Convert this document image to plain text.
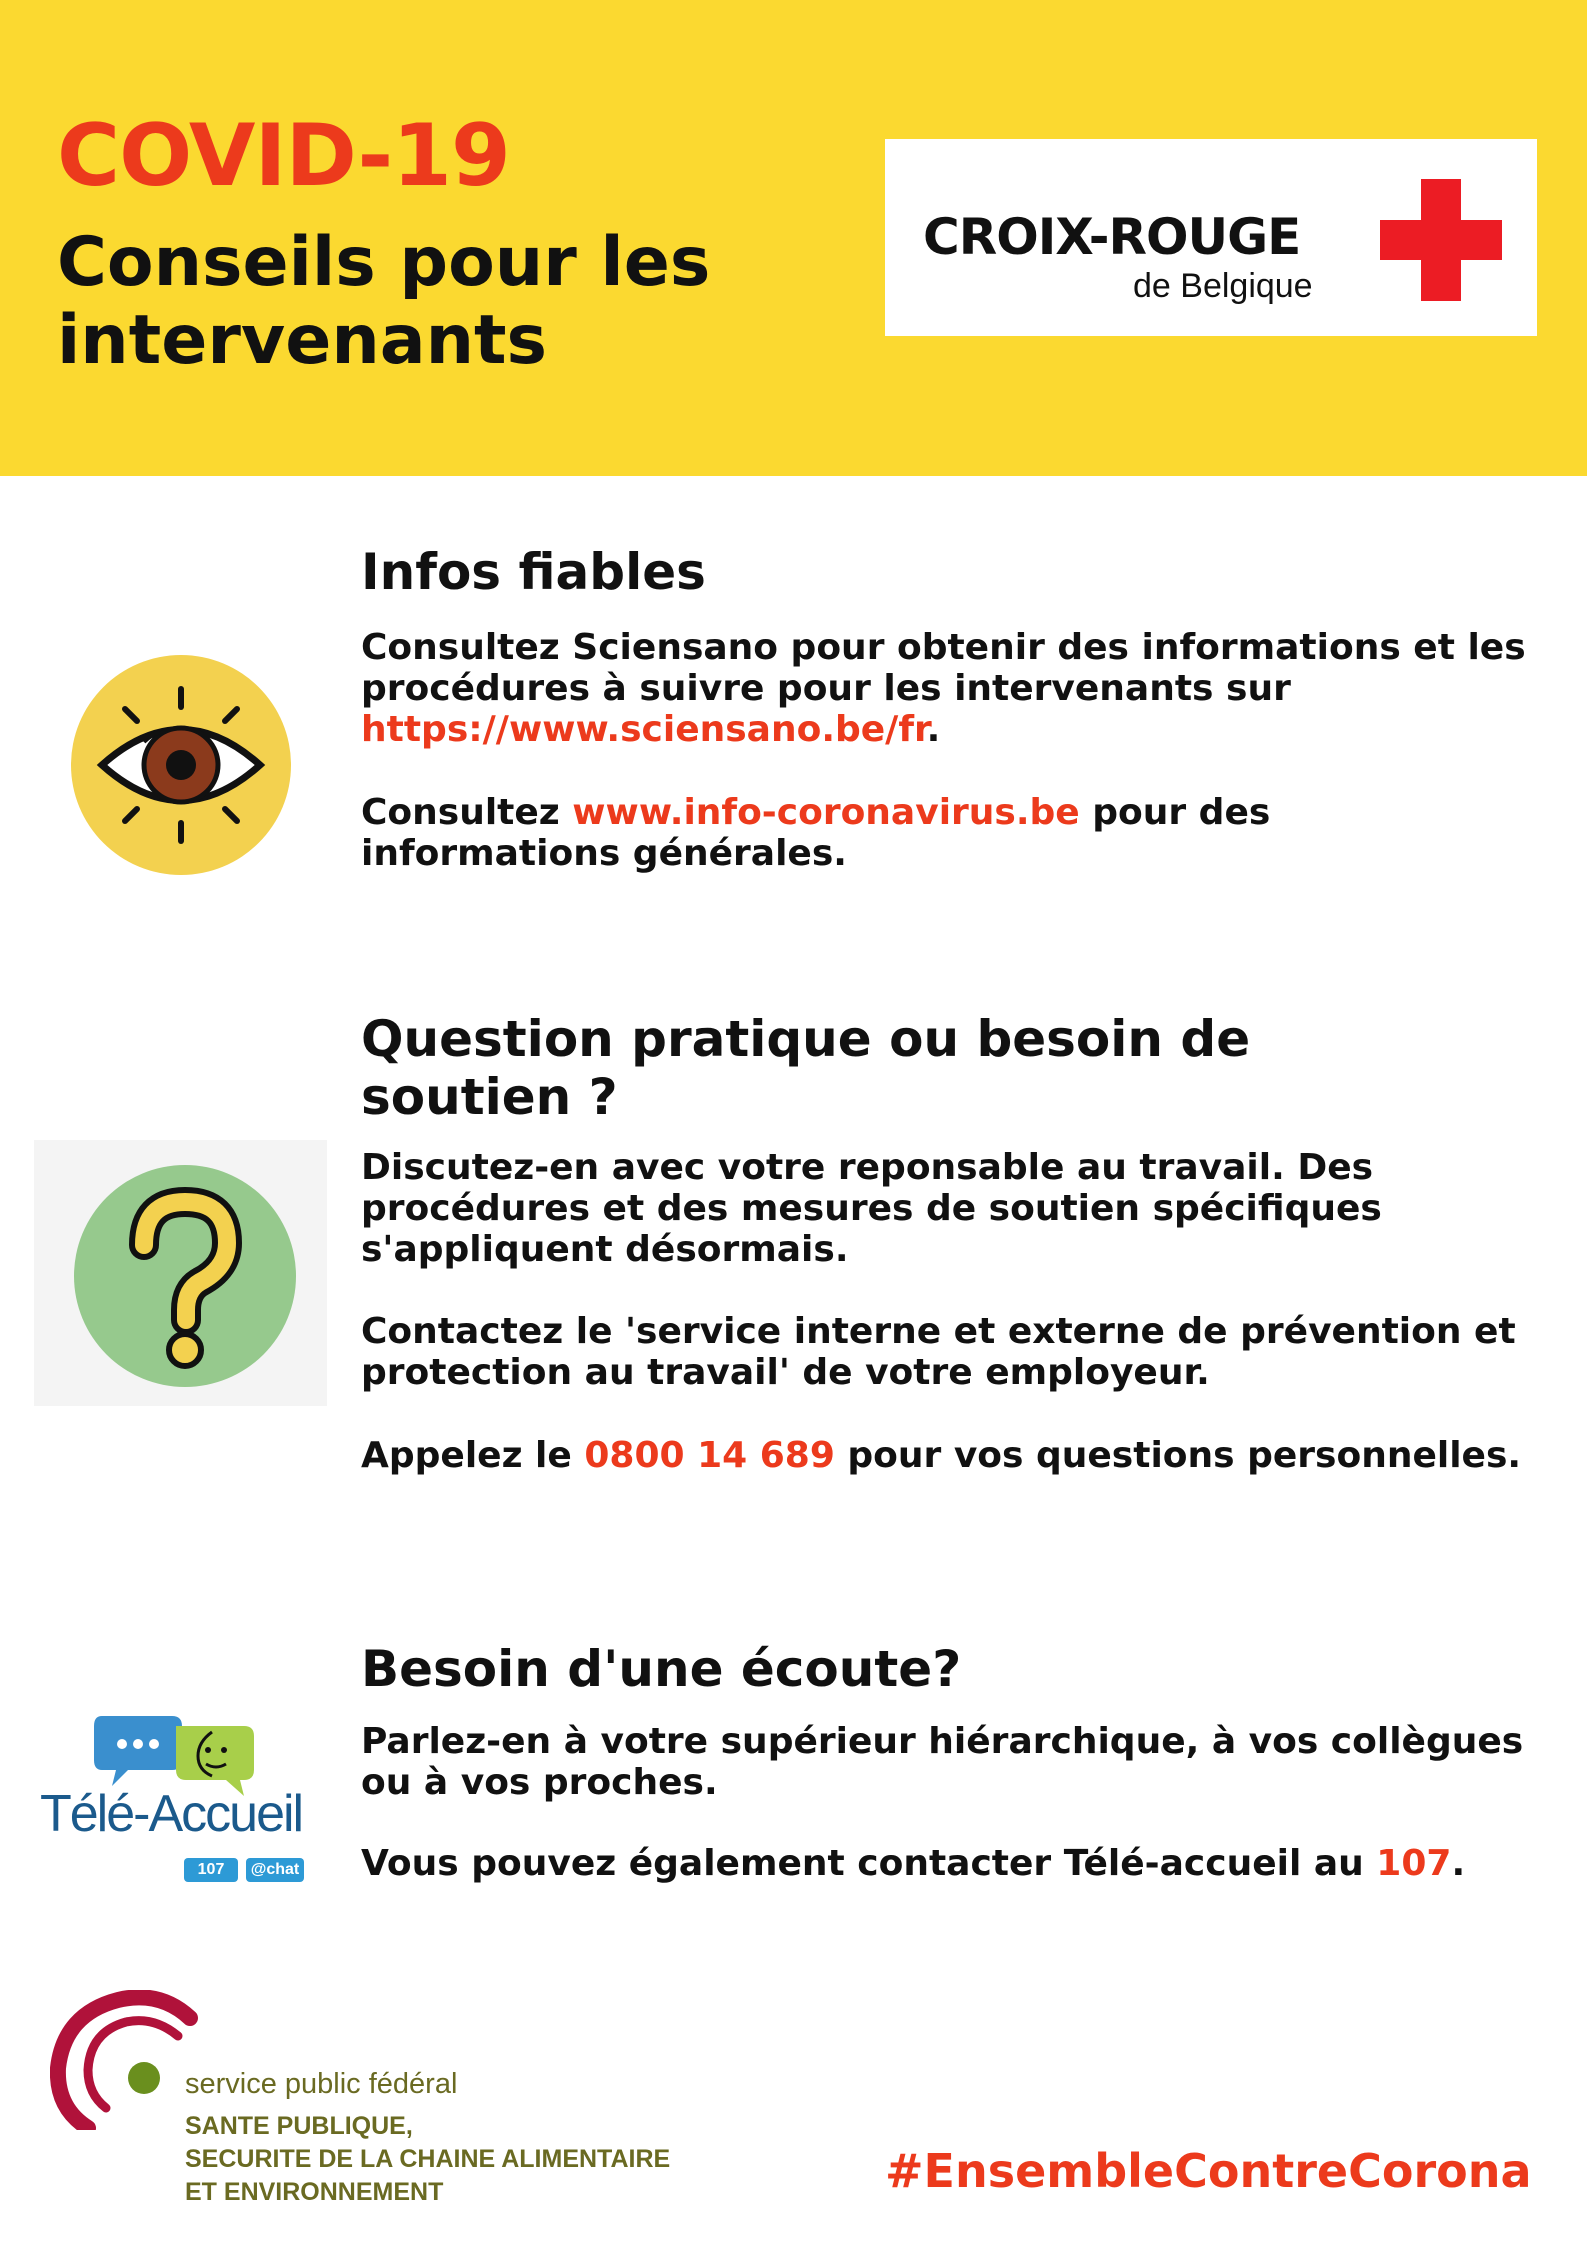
COVID-19
Conseils pour les intervenants
CROIX-ROUGE
de Belgique
Infos fiables

Consultez Sciensano pour obtenir des informations et les procédures à suivre pour les intervenants sur https://www.sciensano.be/fr.

Consultez www.info-coronavirus.be pour des informations générales.

Question pratique ou besoin de soutien ?

Discutez-en avec votre reponsable au travail. Des procédures et des mesures de soutien spécifiques s'appliquent désormais.

Contactez le 'service interne et externe de prévention et protection au travail' de votre employeur.

Appelez le 0800 14 689 pour vos questions personnelles.

Télé-Accueil
107	@chat
Besoin d'une écoute?

Parlez-en à votre supérieur hiérarchique, à vos collègues ou à vos proches.

Vous pouvez également contacter Télé-accueil au 107.

service public fédéral
SANTE PUBLIQUE,
SECURITE DE LA CHAINE ALIMENTAIRE
ET ENVIRONNEMENT	#EnsembleContreCorona
